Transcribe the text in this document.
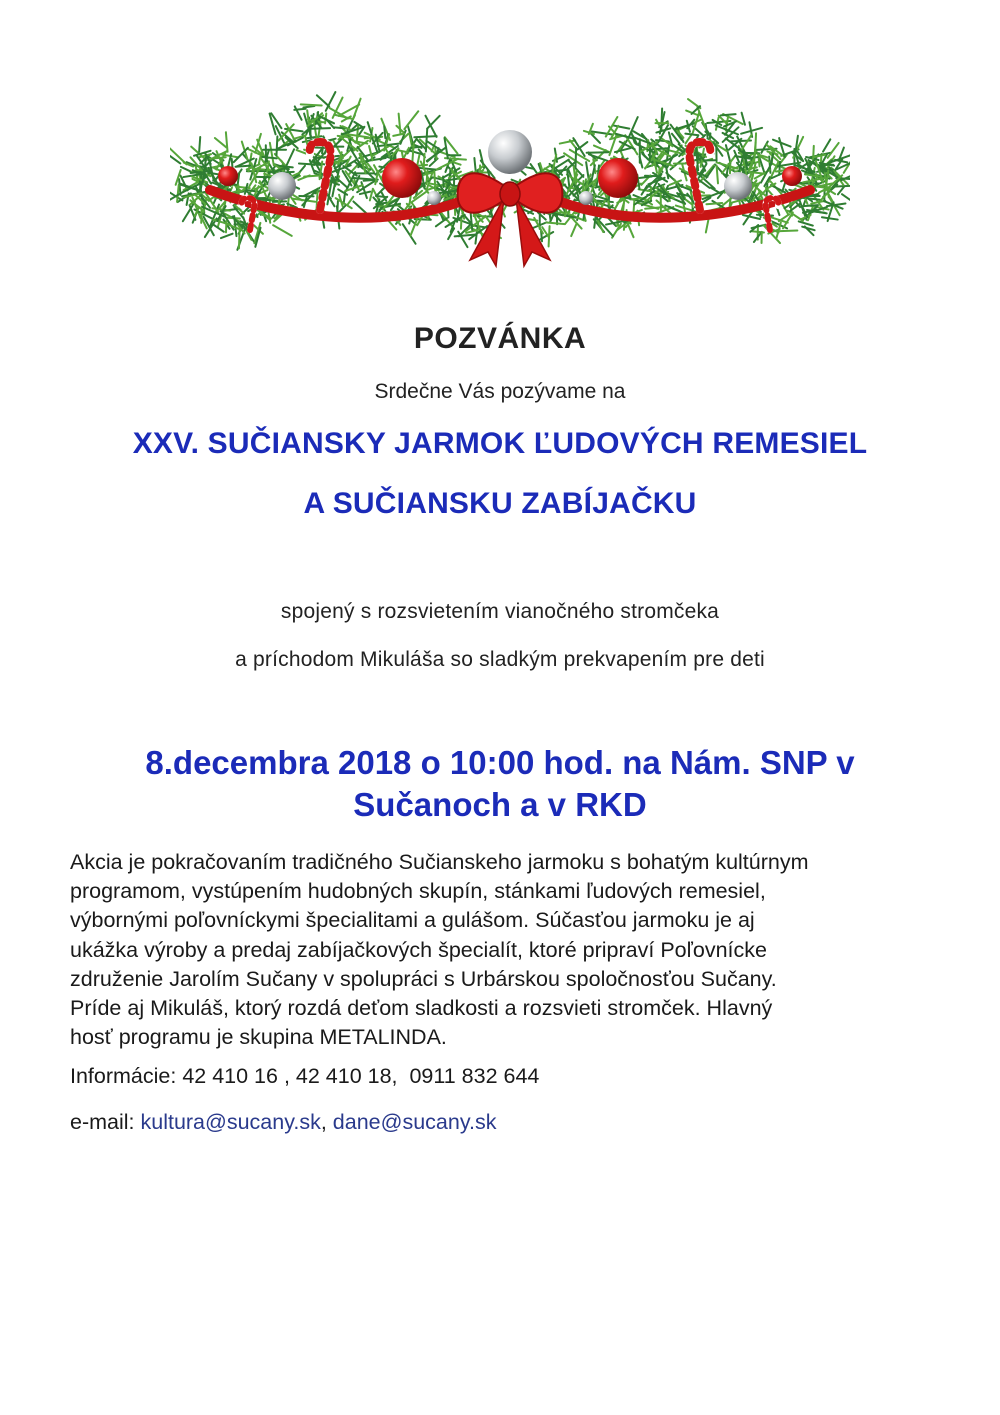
POZVÁNKA
Srdečne Vás pozývame na
XXV. SUČIANSKY JARMOK ĽUDOVÝCH REMESIEL
A SUČIANSKU ZABÍJAČKU
spojený s rozsvietením vianočného stromčeka
a príchodom Mikuláša so sladkým prekvapením pre deti
8.decembra 2018 o 10:00 hod. na Nám. SNP v
Sučanoch a v RKD
Akcia je pokračovaním tradičného Sučianskeho jarmoku s bohatým kultúrnym
programom, vystúpením hudobných skupín, stánkami ľudových remesiel,
výbornými poľovníckymi špecialitami a gulášom. Súčasťou jarmoku je aj
ukážka výroby a predaj zabíjačkových špecialít, ktoré pripraví Poľovnícke
združenie Jarolím Sučany v spolupráci s Urbárskou spoločnosťou Sučany.
Príde aj Mikuláš, ktorý rozdá deťom sladkosti a rozsvieti stromček. Hlavný
hosť programu je skupina METALINDA.
Informácie: 42 410 16 , 42 410 18,  0911 832 644
e-mail: kultura@sucany.sk, dane@sucany.sk
